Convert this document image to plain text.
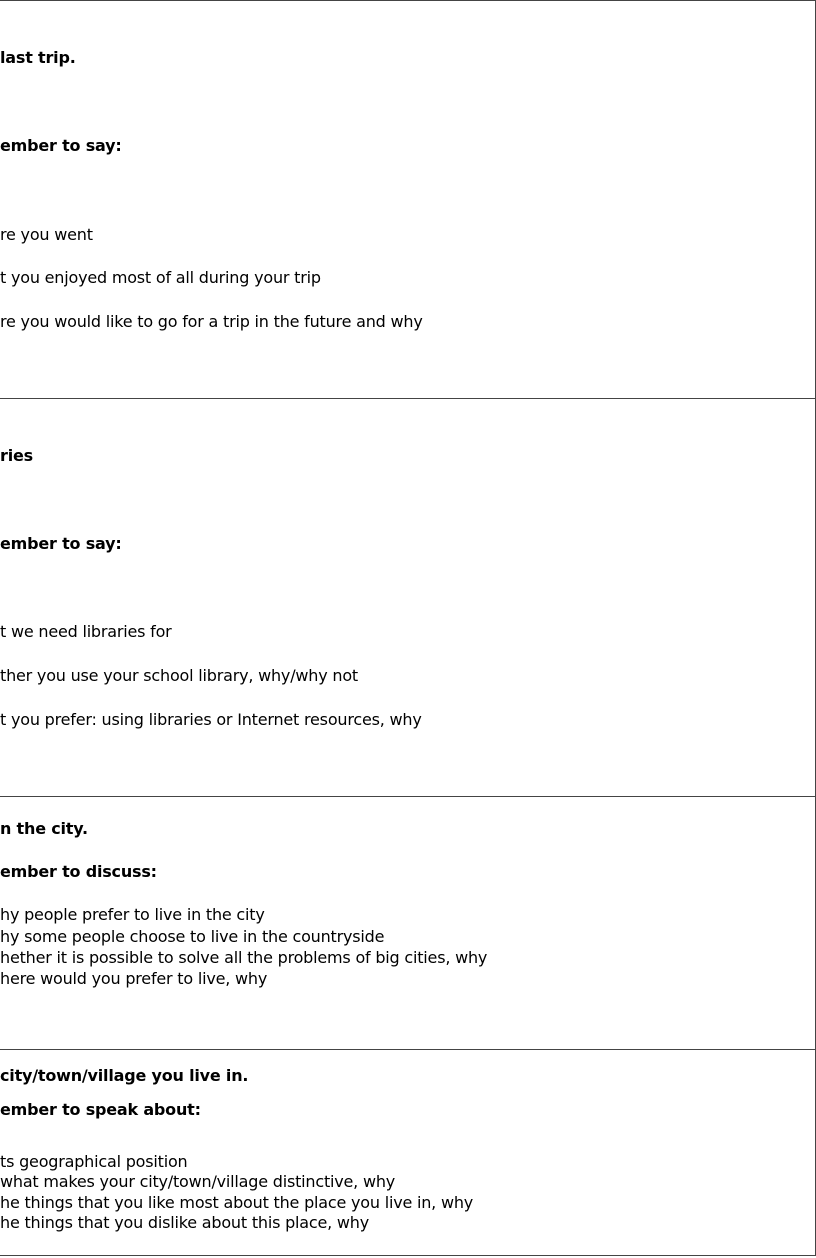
last trip.
ember to say:
re you went
t you enjoyed most of all during your trip
re you would like to go for a trip in the future and why
ries
ember to say:
t we need libraries for
ther you use your school library, why/why not
t you prefer: using libraries or Internet resources, why
n the city.
ember to discuss:
hy people prefer to live in the city
hy some people choose to live in the countryside
hether it is possible to solve all the problems of big cities, why
here would you prefer to live, why
city/town/village you live in.
ember to speak about:
ts geographical position
what makes your city/town/village distinctive, why
he things that you like most about the place you live in, why
he things that you dislike about this place, why
